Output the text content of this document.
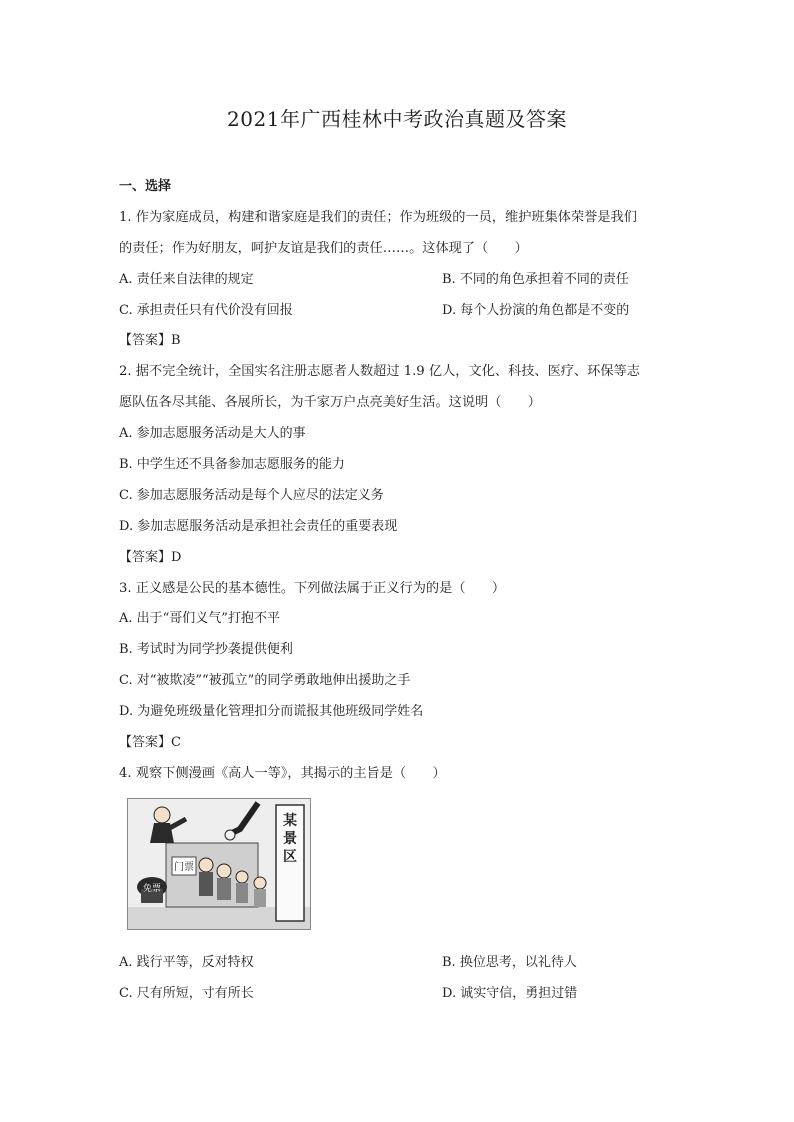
2021年广西桂林中考政治真题及答案
一、选择
1. 作为家庭成员，构建和谐家庭是我们的责任；作为班级的一员，维护班集体荣誉是我们
的责任；作为好朋友，呵护友谊是我们的责任……。这体现了（　　）
A. 责任来自法律的规定	B. 不同的角色承担着不同的责任
C. 承担责任只有代价没有回报	D. 每个人扮演的角色都是不变的
【答案】B
2. 据不完全统计，全国实名注册志愿者人数超过 1.9 亿人，文化、科技、医疗、环保等志
愿队伍各尽其能、各展所长，为千家万户点亮美好生活。这说明（　　）
A. 参加志愿服务活动是大人的事
B. 中学生还不具备参加志愿服务的能力
C. 参加志愿服务活动是每个人应尽的法定义务
D. 参加志愿服务活动是承担社会责任的重要表现
【答案】D
3. 正义感是公民的基本德性。下列做法属于正义行为的是（　　）
A. 出于“哥们义气”打抱不平
B. 考试时为同学抄袭提供便利
C. 对“被欺凌”“被孤立”的同学勇敢地伸出援助之手
D. 为避免班级量化管理扣分而谎报其他班级同学姓名
【答案】C
4. 观察下侧漫画《高人一等》，其揭示的主旨是（　　）
某
景
区
门票
免票
A. 践行平等，反对特权	B. 换位思考，以礼待人
C. 尺有所短，寸有所长	D. 诚实守信，勇担过错
